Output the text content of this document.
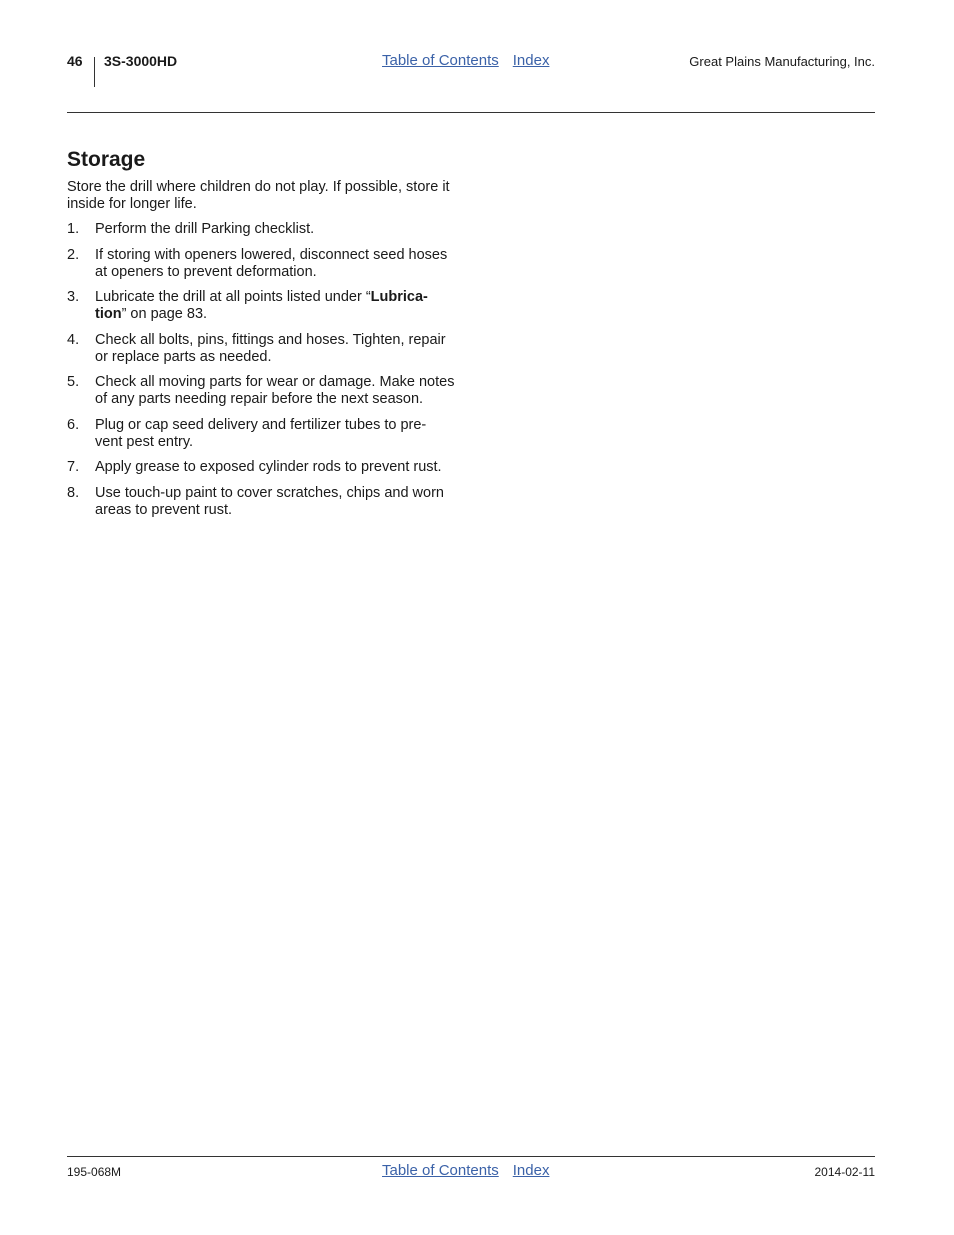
46 3S-3000HD	Table of Contents Index	Great Plains Manufacturing, Inc.
Storage

Store the drill where children do not play. If possible, store it inside for longer life.

1. Perform the drill Parking checklist.
2. If storing with openers lowered, disconnect seed hoses at openers to prevent deformation.
3. Lubricate the drill at all points listed under “Lubrica- tion” on page 83.
4. Check all bolts, pins, fittings and hoses. Tighten, repair or replace parts as needed.
5. Check all moving parts for wear or damage. Make notes of any parts needing repair before the next season.
6. Plug or cap seed delivery and fertilizer tubes to pre- vent pest entry.
7. Apply grease to exposed cylinder rods to prevent rust.
8. Use touch-up paint to cover scratches, chips and worn areas to prevent rust.
195-068M	Table of Contents Index	2014-02-11
